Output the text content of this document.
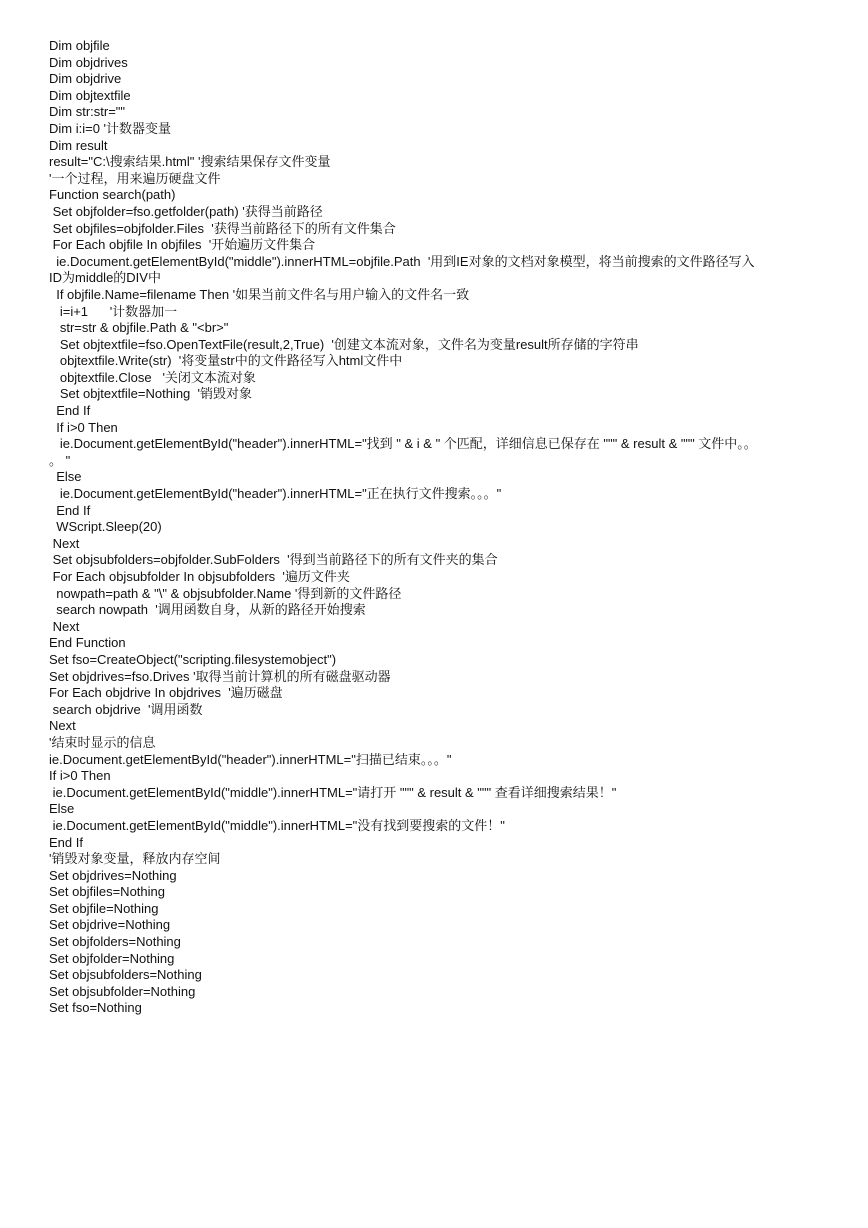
Dim objfile
Dim objdrives
Dim objdrive
Dim objtextfile
Dim str:str=""
Dim i:i=0 '计数器变量
Dim result
result="C:\搜索结果.html" '搜索结果保存文件变量
'一个过程，用来遍历硬盘文件
Function search(path)
Set objfolder=fso.getfolder(path) '获得当前路径
Set objfiles=objfolder.Files  '获得当前路径下的所有文件集合
For Each objfile In objfiles  '开始遍历文件集合
ie.Document.getElementById("middle").innerHTML=objfile.Path  '用到IE对象的文档对象模型，将当前搜索的文件路径写入
ID为middle的DIV中
If objfile.Name=filename Then '如果当前文件名与用户输入的文件名一致
i=i+1      '计数器加一
str=str & objfile.Path & "<br>"
Set objtextfile=fso.OpenTextFile(result,2,True)  '创建文本流对象，文件名为变量result所存储的字符串
objtextfile.Write(str)  '将变量str中的文件路径写入html文件中
objtextfile.Close   '关闭文本流对象
Set objtextfile=Nothing  '销毁对象
End If
If i>0 Then
ie.Document.getElementById("header").innerHTML="找到 " & i & " 个匹配，详细信息已保存在 """ & result & """ 文件中。。
。 "
Else
ie.Document.getElementById("header").innerHTML="正在执行文件搜索。。。"
End If
WScript.Sleep(20)
Next
Set objsubfolders=objfolder.SubFolders  '得到当前路径下的所有文件夹的集合
For Each objsubfolder In objsubfolders  '遍历文件夹
nowpath=path & "\" & objsubfolder.Name '得到新的文件路径
search nowpath  '调用函数自身，从新的路径开始搜索
Next
End Function
Set fso=CreateObject("scripting.filesystemobject")
Set objdrives=fso.Drives '取得当前计算机的所有磁盘驱动器
For Each objdrive In objdrives  '遍历磁盘
search objdrive  '调用函数
Next
'结束时显示的信息
ie.Document.getElementById("header").innerHTML="扫描已结束。。。"
If i>0 Then
ie.Document.getElementById("middle").innerHTML="请打开 """ & result & """ 查看详细搜索结果！"
Else
ie.Document.getElementById("middle").innerHTML="没有找到要搜索的文件！"
End If
'销毁对象变量，释放内存空间
Set objdrives=Nothing
Set objfiles=Nothing
Set objfile=Nothing
Set objdrive=Nothing
Set objfolders=Nothing
Set objfolder=Nothing
Set objsubfolders=Nothing
Set objsubfolder=Nothing
Set fso=Nothing
